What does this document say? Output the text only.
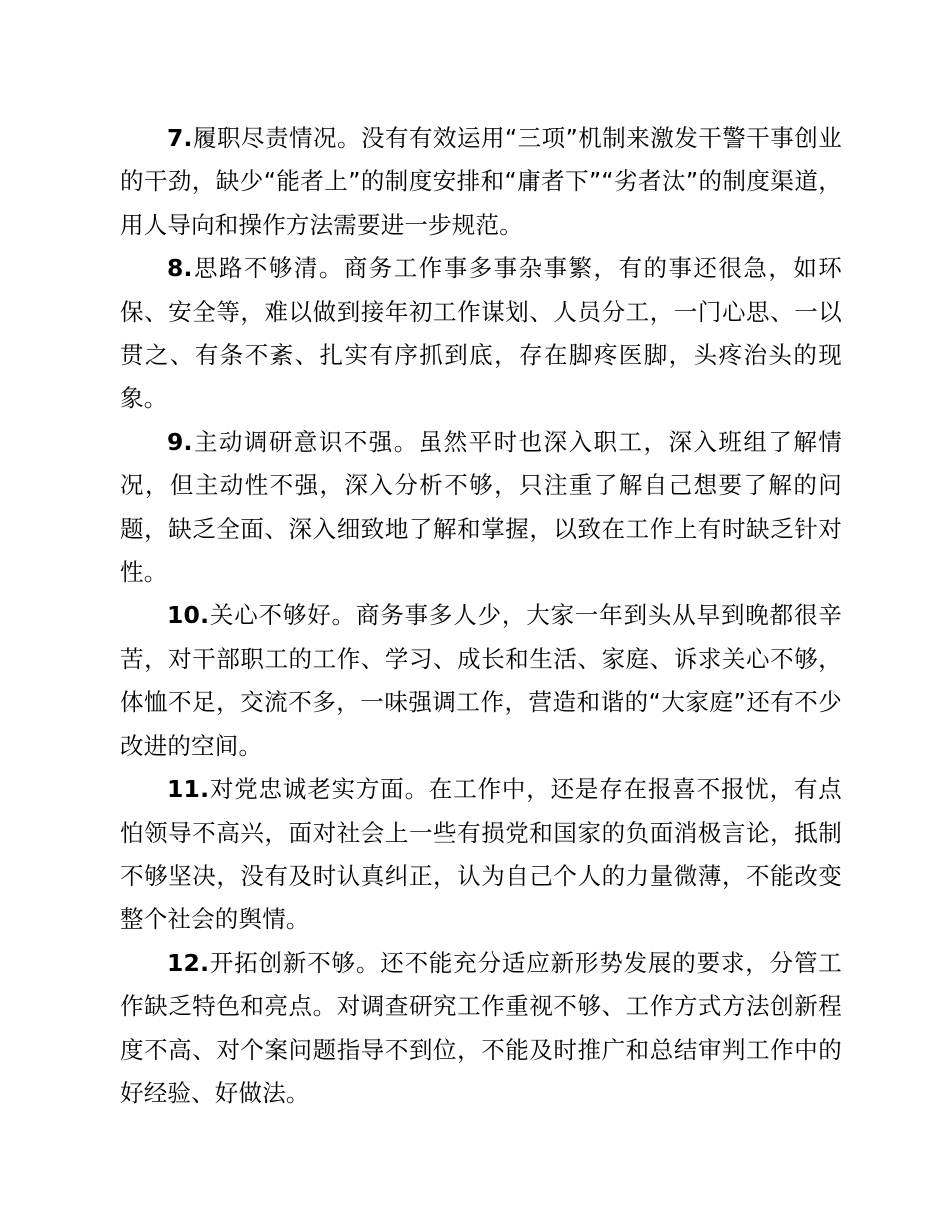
7.履职尽责情况。没有有效运用“三项”机制来激发干警干事创业的干劲，缺少“能者上”的制度安排和“庸者下”“劣者汰”的制度渠道，用人导向和操作方法需要进一步规范。

8.思路不够清。商务工作事多事杂事繁，有的事还很急，如环保、安全等，难以做到接年初工作谋划、人员分工，一门心思、一以贯之、有条不紊、扎实有序抓到底，存在脚疼医脚，头疼治头的现象。

9.主动调研意识不强。虽然平时也深入职工，深入班组了解情况，但主动性不强，深入分析不够，只注重了解自己想要了解的问题，缺乏全面、深入细致地了解和掌握，以致在工作上有时缺乏针对性。

10.关心不够好。商务事多人少，大家一年到头从早到晚都很辛苦，对干部职工的工作、学习、成长和生活、家庭、诉求关心不够，体恤不足，交流不多，一味强调工作，营造和谐的“大家庭”还有不少改进的空间。

11.对党忠诚老实方面。在工作中，还是存在报喜不报忧，有点怕领导不高兴，面对社会上一些有损党和国家的负面消极言论，抵制不够坚决，没有及时认真纠正，认为自己个人的力量微薄，不能改变整个社会的舆情。

12.开拓创新不够。还不能充分适应新形势发展的要求，分管工作缺乏特色和亮点。对调查研究工作重视不够、工作方式方法创新程度不高、对个案问题指导不到位，不能及时推广和总结审判工作中的好经验、好做法。
